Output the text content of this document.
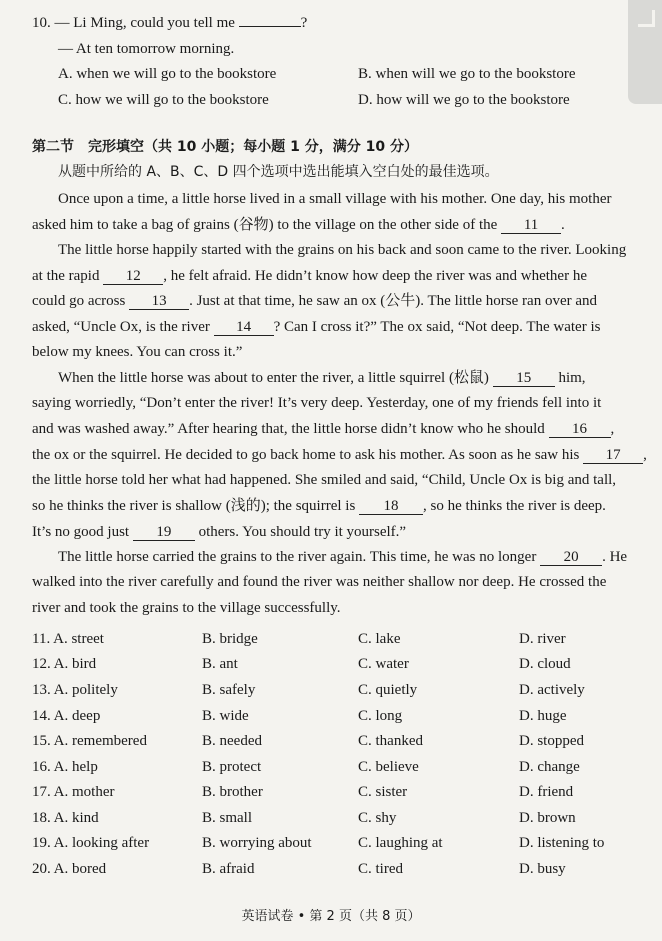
10. — Li Ming, could you tell me	?
— At ten tomorrow morning.
A. when we will go to the bookstore	B. when will we go to the bookstore
C. how we will go to the bookstore	D. how will we go to the bookstore
第二节　完形填空（共 10 小题；每小题 1 分，满分 10 分）
从题中所给的 A、B、C、D 四个选项中选出能填入空白处的最佳选项。
Once upon a time, a little horse lived in a small village with his mother. One day, his mother
asked him to take a bag of grains (谷物) to the village on the other side of the 11 .
The little horse happily started with the grains on his back and soon came to the river. Looking
at the rapid 12 , he felt afraid. He didn’t know how deep the river was and whether he
could go across 13 . Just at that time, he saw an ox (公牛). The little horse ran over and
asked, “Uncle Ox, is the river 14 ? Can I cross it?” The ox said, “Not deep. The water is
below my knees. You can cross it.”
When the little horse was about to enter the river, a little squirrel (松鼠) 15 him,
saying worriedly, “Don’t enter the river! It’s very deep. Yesterday, one of my friends fell into it
and was washed away.” After hearing that, the little horse didn’t know who he should 16 ,
the ox or the squirrel. He decided to go back home to ask his mother. As soon as he saw his 17 ,
the little horse told her what had happened. She smiled and said, “Child, Uncle Ox is big and tall,
so he thinks the river is shallow (浅的); the squirrel is 18 , so he thinks the river is deep.
It’s no good just 19 others. You should try it yourself.”
The little horse carried the grains to the river again. This time, he was no longer 20 . He
walked into the river carefully and found the river was neither shallow nor deep. He crossed the
river and took the grains to the village successfully.
11. A. street	B. bridge	C. lake	D. river
12. A. bird	B. ant	C. water	D. cloud
13. A. politely	B. safely	C. quietly	D. actively
14. A. deep	B. wide	C. long	D. huge
15. A. remembered	B. needed	C. thanked	D. stopped
16. A. help	B. protect	C. believe	D. change
17. A. mother	B. brother	C. sister	D. friend
18. A. kind	B. small	C. shy	D. brown
19. A. looking after	B. worrying about	C. laughing at	D. listening to
20. A. bored	B. afraid	C. tired	D. busy
英语试卷 • 第 2 页（共 8 页）
